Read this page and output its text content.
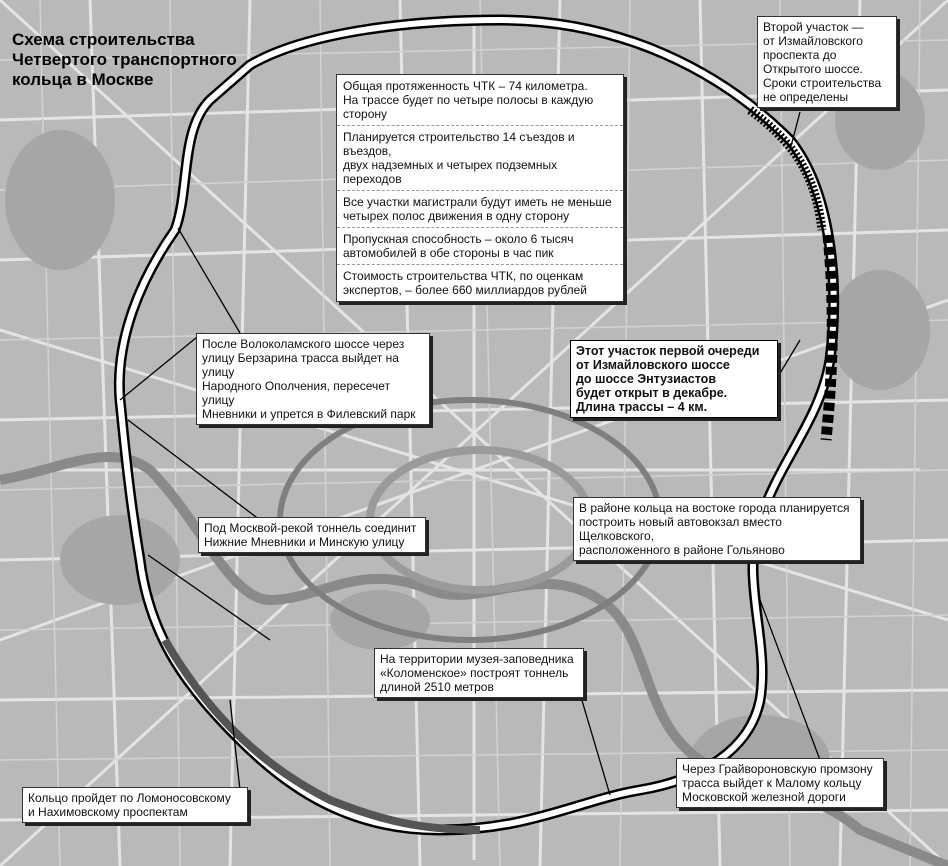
Схема строительства
Четвертого транспортного
кольца в Москве	Общая протяженность ЧТК – 74 километра.
На трассе будет по четыре полосы в каждую сторону
Планируется строительство 14 съездов и въездов,
двух надземных и четырех подземных переходов
Все участки магистрали будут иметь не меньше
четырех полос движения в одну сторону
Пропускная способность – около 6 тысяч
автомобилей в обе стороны в час пик
Стоимость строительства ЧТК, по оценкам
экспертов, – более 660 миллиардов рублей
Второй участок —
от Измайловского
проспекта до
Открытого шоссе.
Сроки строительства
не определены
Этот участок первой очереди
от Измайловского шоссе
до шоссе Энтузиастов
будет открыт в декабре.
Длина трассы – 4 км.
После Волоколамского шоссе через
улицу Берзарина трасса выйдет на улицу
Народного Ополчения, пересечет улицу
Мневники и упрется в Филевский парк
Под Москвой-рекой тоннель соединит
Нижние Мневники и Минскую улицу
В районе кольца на востоке города планируется
построить новый автовокзал вместо Щелковского,
расположенного в районе Гольяново
На территории музея-заповедника
«Коломенское» построят тоннель
длиной 2510 метров
Кольцо пройдет по Ломоносовскому
и Нахимовскому проспектам
Через Грайвороновскую промзону
трасса выйдет к Малому кольцу
Московской железной дороги
